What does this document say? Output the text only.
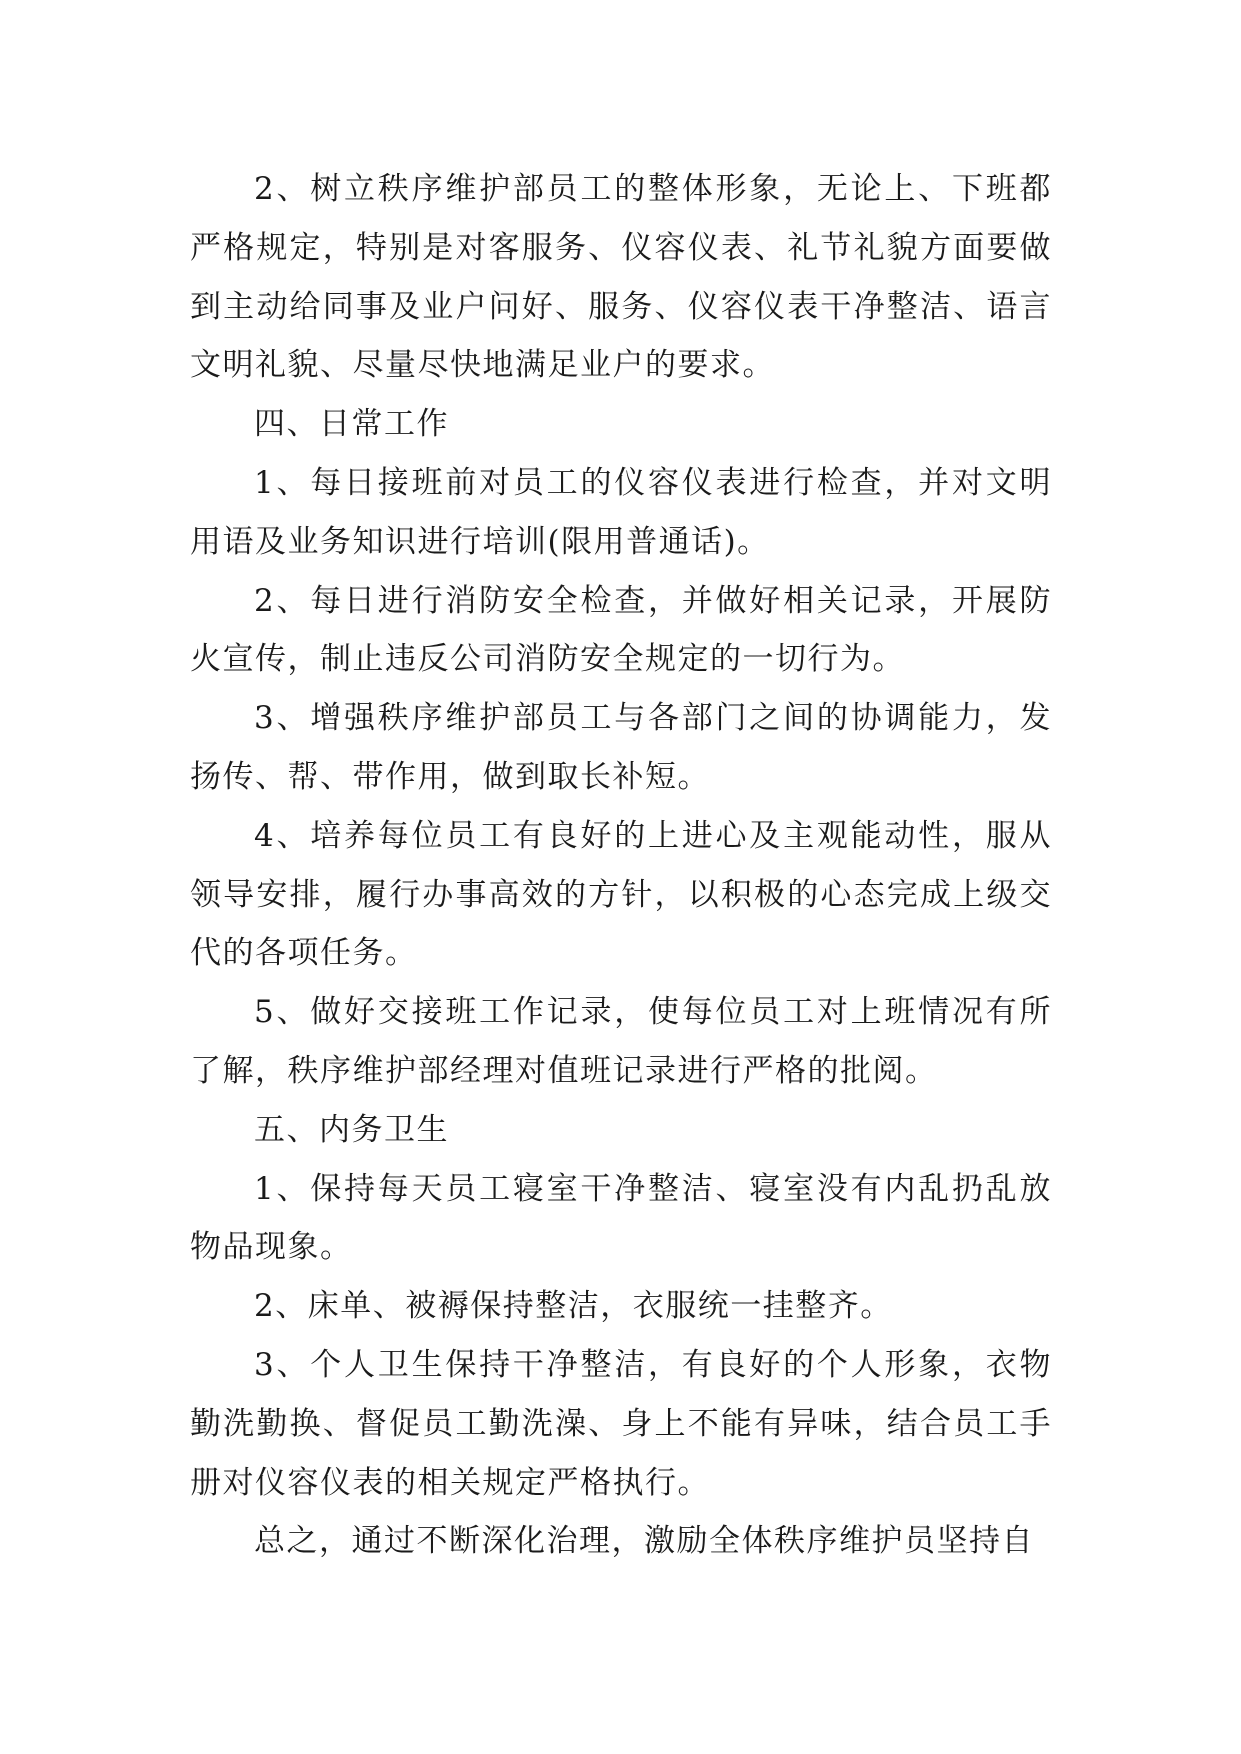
2、树立秩序维护部员工的整体形象，无论上、下班都严格规定，特别是对客服务、仪容仪表、礼节礼貌方面要做到主动给同事及业户问好、服务、仪容仪表干净整洁、语言文明礼貌、尽量尽快地满足业户的要求。

四、日常工作

1、每日接班前对员工的仪容仪表进行检查，并对文明用语及业务知识进行培训(限用普通话)。

2、每日进行消防安全检查，并做好相关记录，开展防火宣传，制止违反公司消防安全规定的一切行为。

3、增强秩序维护部员工与各部门之间的协调能力，发扬传、帮、带作用，做到取长补短。

4、培养每位员工有良好的上进心及主观能动性，服从领导安排，履行办事高效的方针，以积极的心态完成上级交代的各项任务。

5、做好交接班工作记录，使每位员工对上班情况有所了解，秩序维护部经理对值班记录进行严格的批阅。

五、内务卫生

1、保持每天员工寝室干净整洁、寝室没有内乱扔乱放物品现象。

2、床单、被褥保持整洁，衣服统一挂整齐。

3、个人卫生保持干净整洁，有良好的个人形象，衣物勤洗勤换、督促员工勤洗澡、身上不能有异味，结合员工手册对仪容仪表的相关规定严格执行。

总之，通过不断深化治理，激励全体秩序维护员坚持自
